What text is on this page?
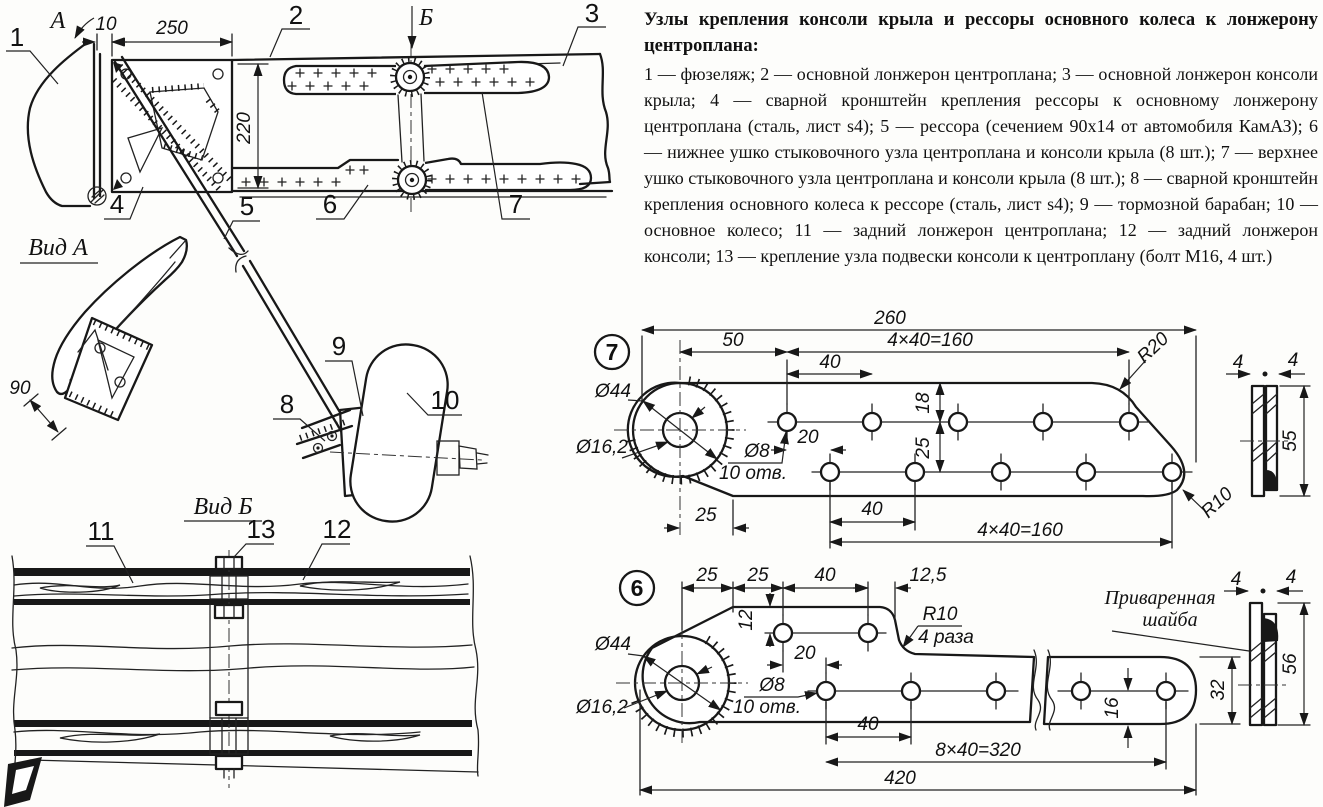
А 10 250	Б
220
1
2	3
4	5	6	7
Вид А
90
8
9
10
Вид Б
11	13 12
7
260
50	4×40=160
40
18
25
20
Ø8
10 отв.
Ø44
Ø16,2
25	40
4×40=160
R20
R10
4 4
55
6	25 25 40	12,5
12	R10
4 раза
20
Ø44
Ø16,2
Ø8
10 отв.
40
8×40=320
420
32
16
Приваренная
шайба
4 4
56

Узлы крепления консоли крыла и рессоры основного колеса к лонжерону центроплана:

1 — фюзеляж; 2 — основной лонжерон центроплана; 3 — основной лонжерон консоли крыла; 4 — сварной кронштейн крепления рессоры к основному лонжерону центроплана (сталь, лист s4); 5 — рессора (сечением 90х14 от автомобиля КамАЗ); 6 — нижнее ушко стыковочного узла центроплана и консоли крыла (8 шт.); 7 — верхнее ушко стыковочного узла центроплана и консоли крыла (8 шт.); 8 — сварной кронштейн крепления основного колеса к рессоре (сталь, лист s4); 9 — тормозной барабан; 10 — основное колесо; 11 — задний лонжерон центроплана; 12 — задний лонжерон консоли; 13 — крепление узла подвески консоли к центроплану (болт М16, 4 шт.)
